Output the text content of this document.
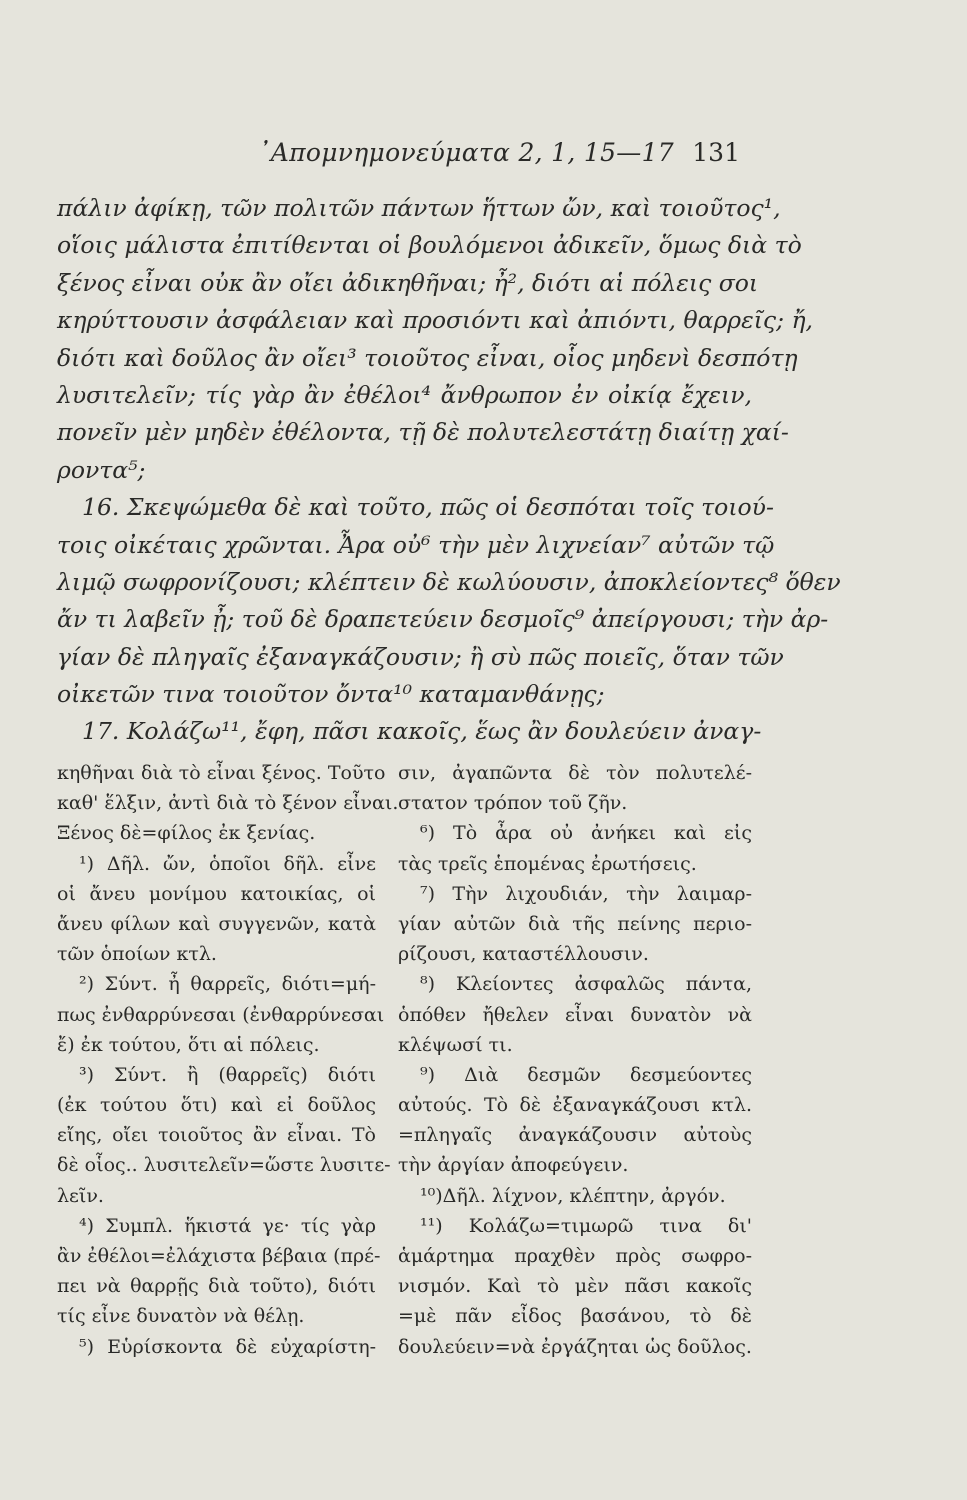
᾿Απομνημονεύματα 2, 1, 15—17 131
πάλιν ἀφίκῃ, τῶν πολιτῶν πάντων ἥττων ὤν, καὶ τοιοῦτος¹,
οἵοις μάλιστα ἐπιτίθενται οἱ βουλόμενοι ἀδικεῖν, ὅμως διὰ τὸ
ξένος εἶναι οὐκ ἂν οἴει ἀδικηθῆναι; ἦ², διότι αἱ πόλεις σοι
κηρύττουσιν ἀσφάλειαν καὶ προσιόντι καὶ ἀπιόντι, θαρρεῖς; ἤ,
διότι καὶ δοῦλος ἂν οἴει³ τοιοῦτος εἶναι, οἷος μηδενὶ δεσπότῃ
λυσιτελεῖν; τίς γὰρ ἂν ἐθέλοι⁴ ἄνθρωπον ἐν οἰκίᾳ ἔχειν,
πονεῖν μὲν μηδὲν ἐθέλοντα, τῇ δὲ πολυτελεστάτῃ διαίτῃ χαί-
ροντα⁵;
16. Σκεψώμεθα δὲ καὶ τοῦτο, πῶς οἱ δεσπόται τοῖς τοιού-
τοις οἰκέταις χρῶνται. Ἆρα οὐ⁶ τὴν μὲν λιχνείαν⁷ αὐτῶν τῷ
λιμῷ σωφρονίζουσι; κλέπτειν δὲ κωλύουσιν, ἀποκλείοντες⁸ ὅθεν
ἄν τι λαβεῖν ᾖ; τοῦ δὲ δραπετεύειν δεσμοῖς⁹ ἀπείργουσι; τὴν ἀρ-
γίαν δὲ πληγαῖς ἐξαναγκάζουσιν; ἢ σὺ πῶς ποιεῖς, ὅταν τῶν
οἰκετῶν τινα τοιοῦτον ὄντα¹⁰ καταμανθάνῃς;
17. Κολάζω¹¹, ἔφη, πᾶσι κακοῖς, ἕως ἂν δουλεύειν ἀναγ-
κηθῆναι διὰ τὸ εἶναι ξένος. Τοῦτο
καθ' ἕλξιν, ἀντὶ διὰ τὸ ξένον εἶναι.
Ξένος δὲ=φίλος ἐκ ξενίας.
¹) Δῆλ. ὤν, ὁποῖοι δῆλ. εἶνε
οἱ ἄνευ μονίμου κατοικίας, οἱ
ἄνευ φίλων καὶ συγγενῶν, κατὰ
τῶν ὁποίων κτλ.
²) Σύντ. ἦ θαρρεῖς, διότι=μή-
πως ἐνθαρρύνεσαι (ἐνθαρρύνεσαι
ἔ) ἐκ τούτου, ὅτι αἱ πόλεις.
³) Σύντ. ἢ (θαρρεῖς) διότι
(ἐκ τούτου ὅτι) καὶ εἰ δοῦλος
εἴης, οἴει τοιοῦτος ἂν εἶναι. Τὸ
δὲ οἷος.. λυσιτελεῖν=ὥστε λυσιτε-
λεῖν.
⁴) Συμπλ. ἥκιστά γε· τίς γὰρ
ἂν ἐθέλοι=ἐλάχιστα βέβαια (πρέ-
πει νὰ θαρρῇς διὰ τοῦτο), διότι
τίς εἶνε δυνατὸν νὰ θέλῃ.
⁵) Εὑρίσκοντα δὲ εὐχαρίστη-
σιν, ἀγαπῶντα δὲ τὸν πολυτελέ-
στατον τρόπον τοῦ ζῆν.
⁶) Τὸ ἆρα οὐ ἀνήκει καὶ εἰς
τὰς τρεῖς ἑπομένας ἐρωτήσεις.
⁷) Τὴν λιχουδιάν, τὴν λαιμαρ-
γίαν αὐτῶν διὰ τῆς πείνης περιο-
ρίζουσι, καταστέλλουσιν.
⁸) Κλείοντες ἀσφαλῶς πάντα,
ὁπόθεν ἤθελεν εἶναι δυνατὸν νὰ
κλέψωσί τι.
⁹) Διὰ δεσμῶν δεσμεύοντες
αὐτούς. Τὸ δὲ ἐξαναγκάζουσι κτλ.
=πληγαῖς ἀναγκάζουσιν αὐτοὺς
τὴν ἀργίαν ἀποφεύγειν.
¹⁰)Δῆλ. λίχνον, κλέπτην, ἀργόν.
¹¹) Κολάζω=τιμωρῶ τινα δι'
ἁμάρτημα πραχθὲν πρὸς σωφρο-
νισμόν. Καὶ τὸ μὲν πᾶσι κακοῖς
=μὲ πᾶν εἶδος βασάνου, τὸ δὲ
δουλεύειν=νὰ ἐργάζηται ὡς δοῦλος.
